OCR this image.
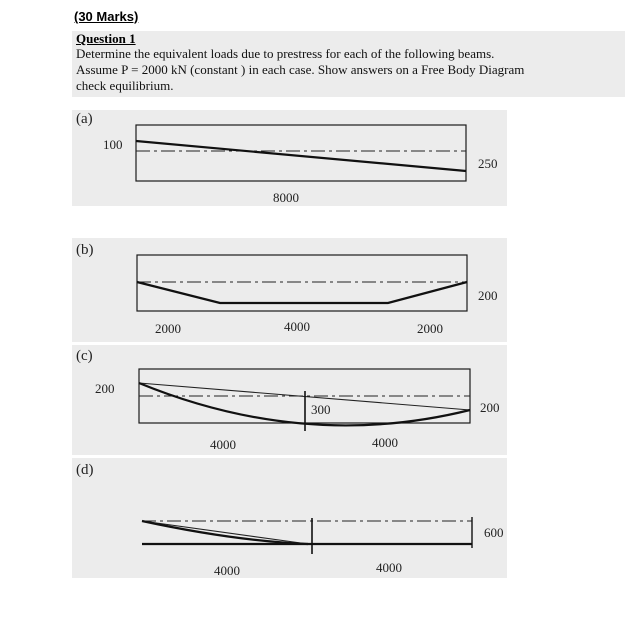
(30 Marks)
Question 1
Determine the equivalent loads due to prestress for each of the following beams.
Assume P = 2000 kN (constant ) in each case. Show answers on a Free Body Diagram
check equilibrium.
(a)
100
250
8000
(b)
200
2000	4000	2000
(c)
200
300	200
4000	4000
(d)
600
4000	4000
